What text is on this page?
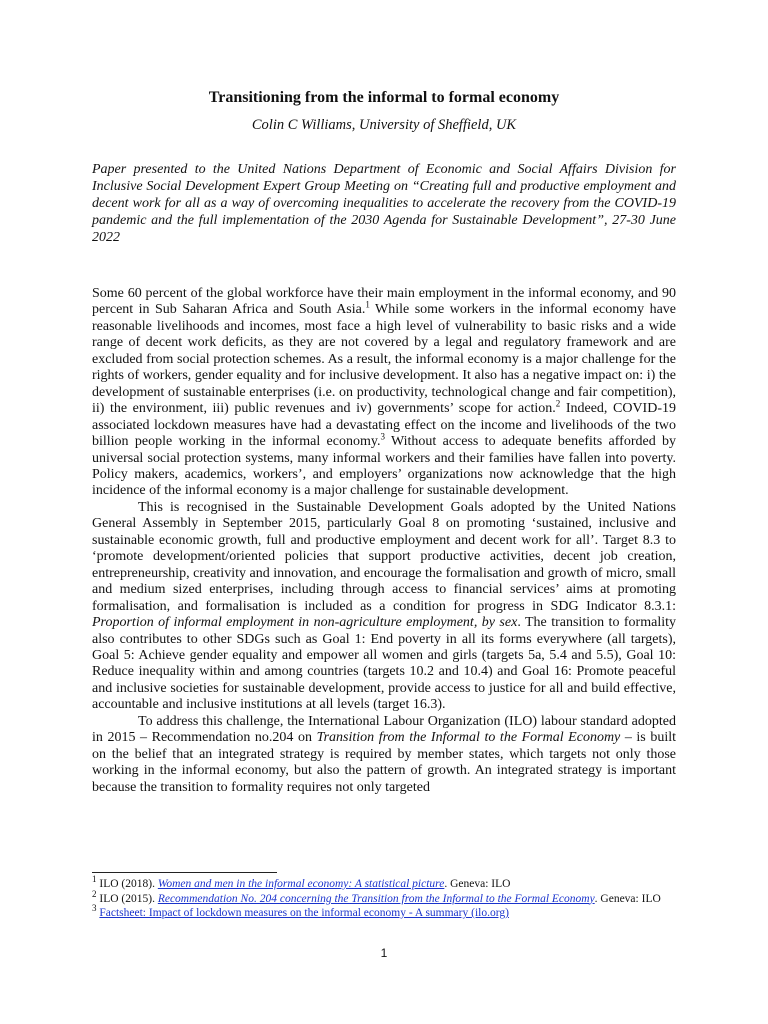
Transitioning from the informal to formal economy
Colin C Williams, University of Sheffield, UK
Paper presented to the United Nations Department of Economic and Social Affairs Division for Inclusive Social Development Expert Group Meeting on “Creating full and productive employment and decent work for all as a way of overcoming inequalities to accelerate the recovery from the COVID-19 pandemic and the full implementation of the 2030 Agenda for Sustainable Development”, 27-30 June 2022

Some 60 percent of the global workforce have their main employment in the informal economy, and 90 percent in Sub Saharan Africa and South Asia.$^1$ While some workers in the informal economy have reasonable livelihoods and incomes, most face a high level of vulnerability to basic risks and a wide range of decent work deficits, as they are not covered by a legal and regulatory framework and are excluded from social protection schemes. As a result, the informal economy is a major challenge for the rights of workers, gender equality and for inclusive development. It also has a negative impact on: i) the development of sustainable enterprises (i.e. on productivity, technological change and fair competition), ii) the environment, iii) public revenues and iv) governments’ scope for action.$^2$ Indeed, COVID-19 associated lockdown measures have had a devastating effect on the income and livelihoods of the two billion people working in the informal economy.$^3$ Without access to adequate benefits afforded by universal social protection systems, many informal workers and their families have fallen into poverty. Policy makers, academics, workers’, and employers’ organizations now acknowledge that the high incidence of the informal economy is a major challenge for sustainable development.

This is recognised in the Sustainable Development Goals adopted by the United Nations General Assembly in September 2015, particularly Goal 8 on promoting ‘sustained, inclusive and sustainable economic growth, full and productive employment and decent work for all’. Target 8.3 to ‘promote development/oriented policies that support productive activities, decent job creation, entrepreneurship, creativity and innovation, and encourage the formalisation and growth of micro, small and medium sized enterprises, including through access to financial services’ aims at promoting formalisation, and formalisation is included as a condition for progress in SDG Indicator 8.3.1: Proportion of informal employment in non-agriculture employment, by sex. The transition to formality also contributes to other SDGs such as Goal 1: End poverty in all its forms everywhere (all targets), Goal 5: Achieve gender equality and empower all women and girls (targets 5a, 5.4 and 5.5), Goal 10: Reduce inequality within and among countries (targets 10.2 and 10.4) and Goal 16: Promote peaceful and inclusive societies for sustainable development, provide access to justice for all and build effective, accountable and inclusive institutions at all levels (target 16.3).

To address this challenge, the International Labour Organization (ILO) labour standard adopted in 2015 – Recommendation no.204 on Transition from the Informal to the Formal Economy – is built on the belief that an integrated strategy is required by member states, which targets not only those working in the informal economy, but also the pattern of growth. An integrated strategy is important because the transition to formality requires not only targeted

$^1$ ILO (2018). Women and men in the informal economy: A statistical picture. Geneva: ILO
$^2$ ILO (2015). Recommendation No. 204 concerning the Transition from the Informal to the Formal Economy. Geneva: ILO
$^3$ Factsheet: Impact of lockdown measures on the informal economy - A summary (ilo.org)
1
